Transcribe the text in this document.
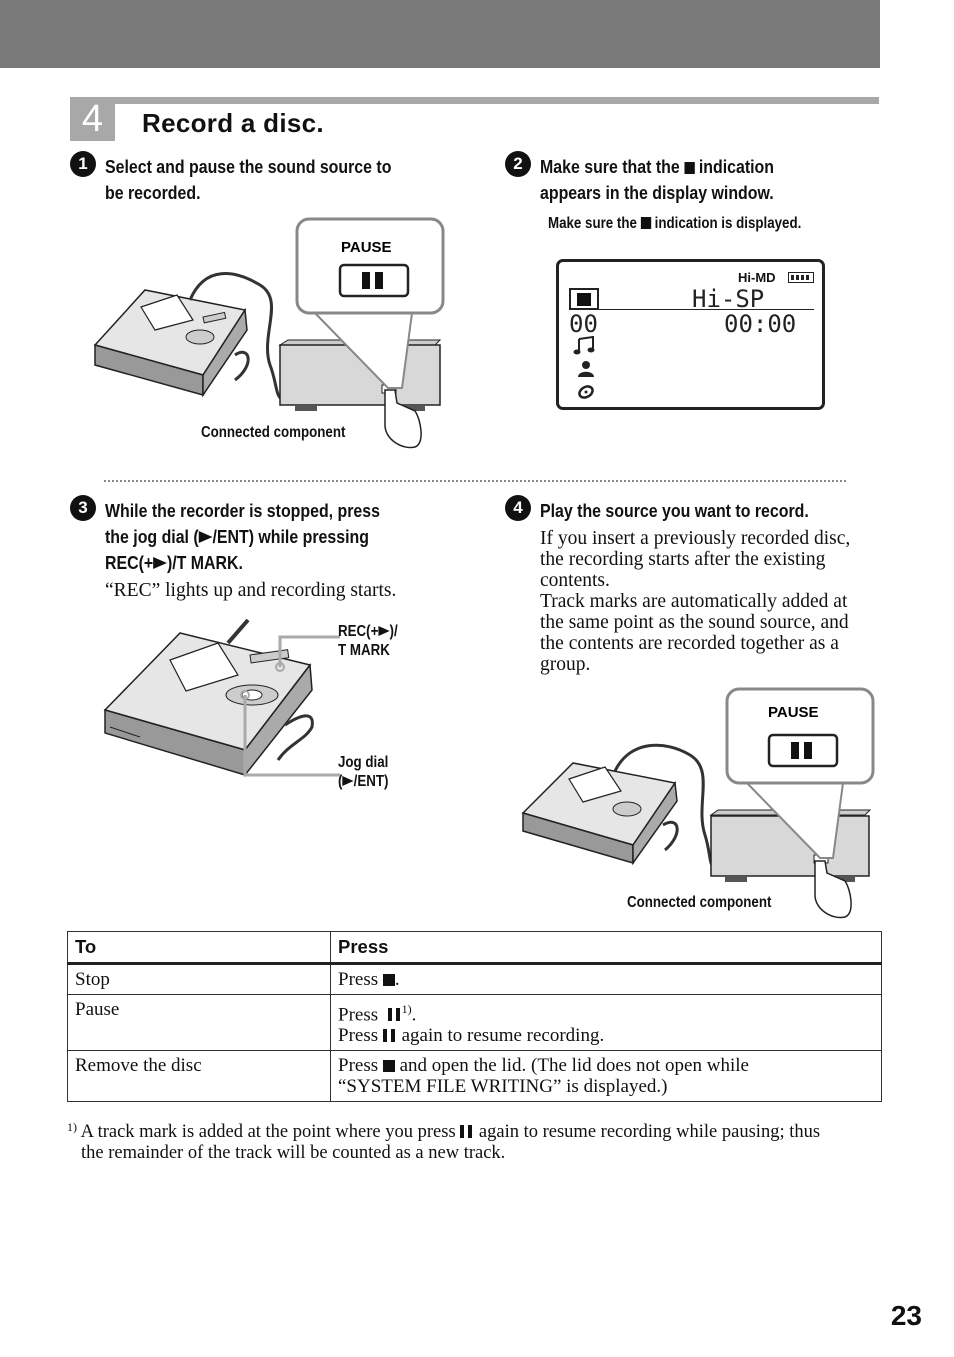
4	Record a disc.
1 Select and pause the sound source to
be recorded.
PAUSE
Connected component
2 Make sure that the indication
appears in the display window.
Make sure the indication is displayed.
Hi-MD
Hi-SP
00	00:00
3 While the recorder is stopped, press
the jog dial ( /ENT) while pressing
REC(+ )/T MARK.
“REC” lights up and recording starts.
REC(+ )/
T MARK
Jog dial
( /ENT)
4 Play the source you want to record.
If you insert a previously recorded disc,
the recording starts after the existing
contents.
Track marks are automatically added at
the same point as the sound source, and
the contents are recorded together as a
group.
PAUSE
Connected component
To	Press
Stop	Press .
Pause	Press $^{1)}$.
Press again to resume recording.

Remove the disc	Press and open the lid. (The lid does not open while
“SYSTEM FILE WRITING” is displayed.)
$^{1)}$ A track mark is added at the point where you press again to resume recording while pausing; thus
the remainder of the track will be counted as a new track.
23
